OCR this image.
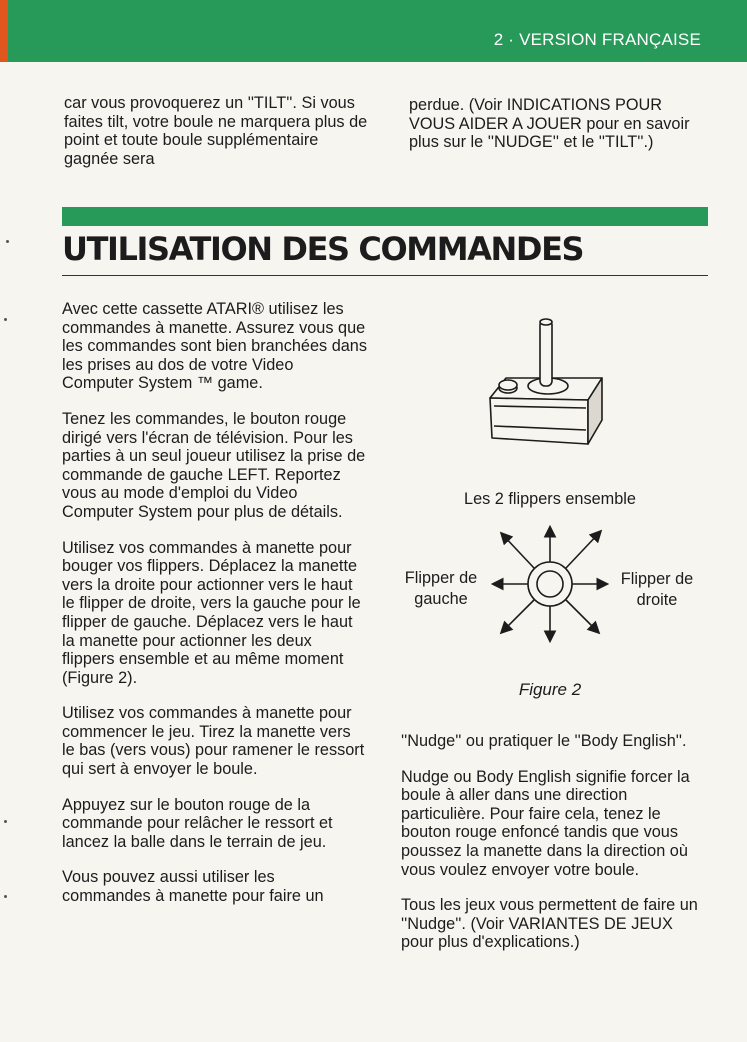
2 · VERSION FRANÇAISE

car vous provoquerez un ''TILT''. Si vous faites tilt, votre boule ne marquera plus de point et toute boule supplémentaire gagnée sera

perdue. (Voir INDICATIONS POUR VOUS AIDER A JOUER pour en savoir plus sur le ''NUDGE'' et le ''TILT''.)

UTILISATION DES COMMANDES

Avec cette cassette ATARI® utilisez les commandes à manette. Assurez vous que les commandes sont bien branchées dans les prises au dos de votre Video Computer System ™ game.

Tenez les commandes, le bouton rouge dirigé vers l'écran de télévision. Pour les parties à un seul joueur utilisez la prise de commande de gauche LEFT. Reportez vous au mode d'emploi du Video Computer System pour plus de détails.

Utilisez vos commandes à manette pour bouger vos flippers. Déplacez la manette vers la droite pour actionner vers le haut le flipper de droite, vers la gauche pour le flipper de gauche. Déplacez vers le haut la manette pour actionner les deux flippers ensemble et au même moment (Figure 2).

Utilisez vos commandes à manette pour commencer le jeu. Tirez la manette vers le bas (vers vous) pour ramener le ressort qui sert à envoyer le boule.

Appuyez sur le bouton rouge de la commande pour relâcher le ressort et lancez la balle dans le terrain de jeu.

Vous pouvez aussi utiliser les commandes à manette pour faire un

Les 2 flippers ensemble
Flipper de gauche
Flipper de droite
Figure 2

''Nudge'' ou pratiquer le ''Body English''.

Nudge ou Body English signifie forcer la boule à aller dans une direction particulière. Pour faire cela, tenez le bouton rouge enfoncé tandis que vous poussez la manette dans la direction où vous voulez envoyer votre boule.

Tous les jeux vous permettent de faire un ''Nudge''. (Voir VARIANTES DE JEUX pour plus d'explications.)
